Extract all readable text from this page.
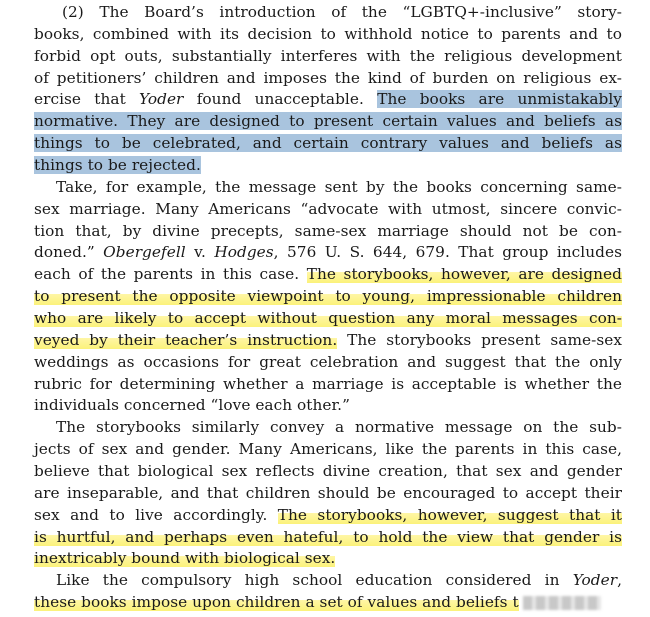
(2) The Board’s introduction of the “LGBTQ+-inclusive” story-
books, combined with its decision to withhold notice to parents and to
forbid opt outs, substantially interferes with the religious development
of petitioners’ children and imposes the kind of burden on religious ex-
ercise that Yoder found unacceptable. The books are unmistakably
normative. They are designed to present certain values and beliefs as
things to be celebrated, and certain contrary values and beliefs as
things to be rejected.
Take, for example, the message sent by the books concerning same-
sex marriage. Many Americans “advocate with utmost, sincere convic-
tion that, by divine precepts, same-sex marriage should not be con-
doned.” Obergefell v. Hodges, 576 U. S. 644, 679. That group includes
each of the parents in this case. The storybooks, however, are designed
to present the opposite viewpoint to young, impressionable children
who are likely to accept without question any moral messages con-
veyed by their teacher’s instruction. The storybooks present same-sex
weddings as occasions for great celebration and suggest that the only
rubric for determining whether a marriage is acceptable is whether the
individuals concerned “love each other.”
The storybooks similarly convey a normative message on the sub-
jects of sex and gender. Many Americans, like the parents in this case,
believe that biological sex reflects divine creation, that sex and gender
are inseparable, and that children should be encouraged to accept their
sex and to live accordingly. The storybooks, however, suggest that it
is hurtful, and perhaps even hateful, to hold the view that gender is
inextricably bound with biological sex.
Like the compulsory high school education considered in Yoder,
these books impose upon children a set of values and beliefs t
